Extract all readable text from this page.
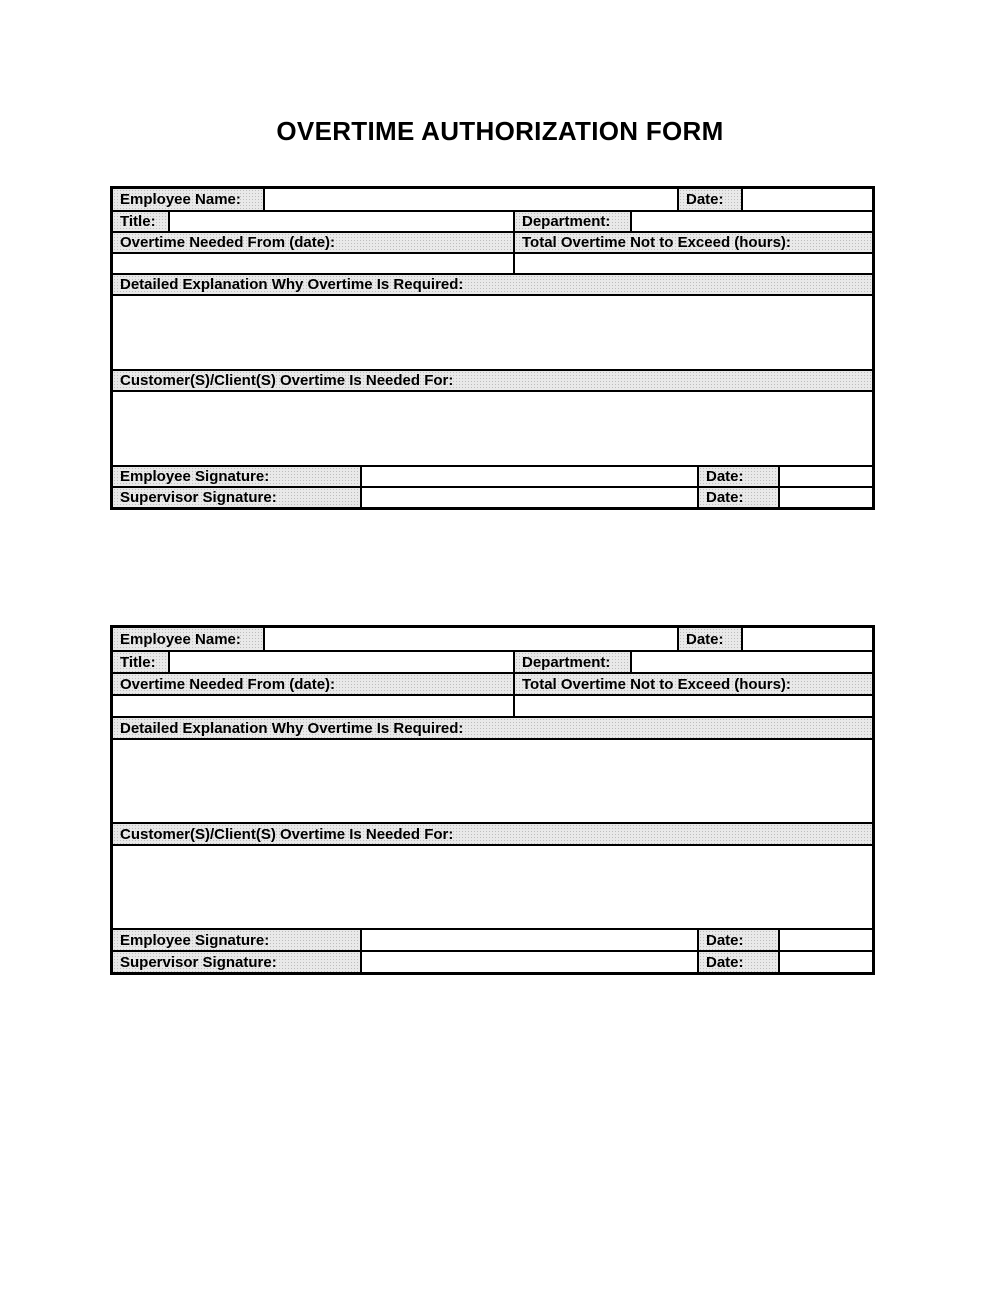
OVERTIME AUTHORIZATION FORM
Employee Name:	Date:
Title:	Department:
Overtime Needed From (date):	Total Overtime Not to Exceed (hours):
Detailed Explanation Why Overtime Is Required:
Customer(S)/Client(S) Overtime Is Needed For:
Employee Signature:	Date:
Supervisor Signature:	Date:
Employee Name:	Date:
Title:	Department:
Overtime Needed From (date):	Total Overtime Not to Exceed (hours):
Detailed Explanation Why Overtime Is Required:
Customer(S)/Client(S) Overtime Is Needed For:
Employee Signature:	Date:
Supervisor Signature:	Date:
